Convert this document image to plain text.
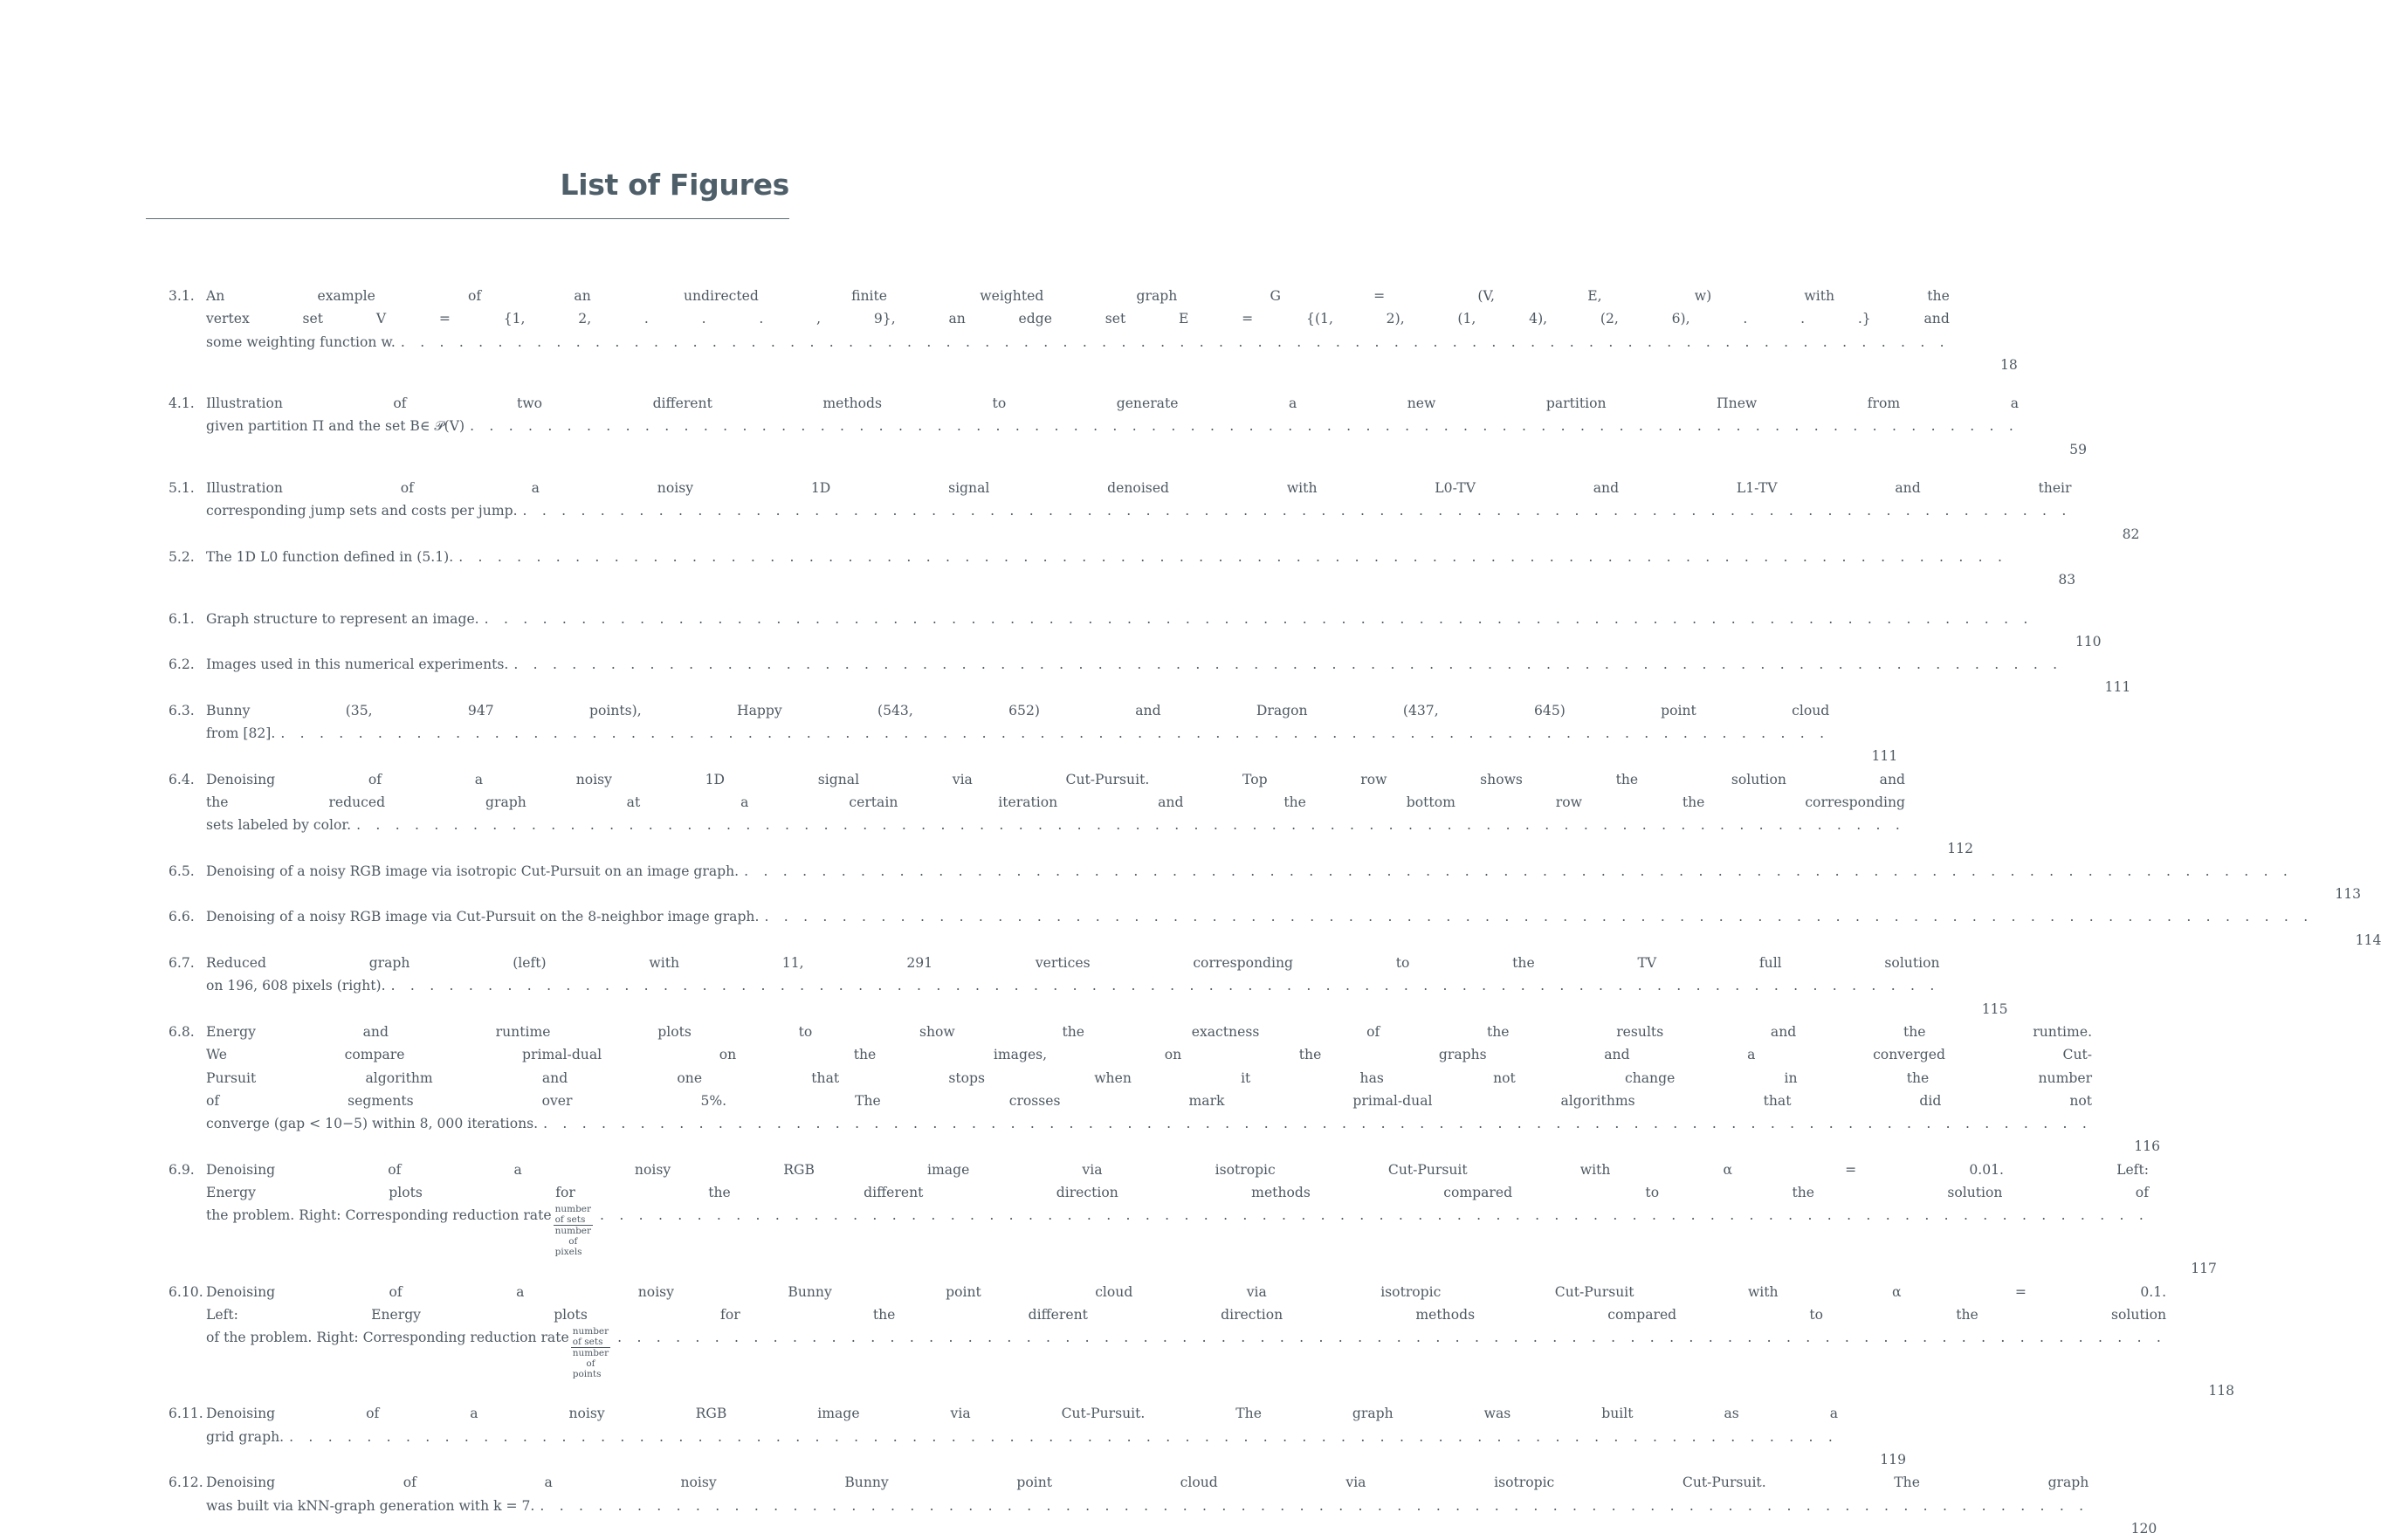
List of Figures
3.1. An example of an undirected finite weighted graph G = (V, E, w) with the
vertex set V = {1, 2, . . . , 9}, an edge set E = {(1, 2), (1, 4), (2, 6), . . .} and
some weighting function w. . . . . . . . . . . . . . . . . . . . . . . . . . . . . . . . . . . . . . . . . . . . . . . . . . . . . . . . . . . . . . . . . . . . . . . . . . . . . . . . .
18
4.1. Illustration of two different methods to generate a new partition Πnew from a
given partition Π and the set B∈ 𝒫(V) . . . . . . . . . . . . . . . . . . . . . . . . . . . . . . . . . . . . . . . . . . . . . . . . . . . . . . . . . . . . . . . . . . . . . . . . . . . . . . . .
59
5.1. Illustration of a noisy 1D signal denoised with L0-TV and L1-TV and their
corresponding jump sets and costs per jump. . . . . . . . . . . . . . . . . . . . . . . . . . . . . . . . . . . . . . . . . . . . . . . . . . . . . . . . . . . . . . . . . . . . . . . . . . . . . . . . .
82
5.2. The 1D L0 function defined in (5.1). . . . . . . . . . . . . . . . . . . . . . . . . . . . . . . . . . . . . . . . . . . . . . . . . . . . . . . . . . . . . . . . . . . . . . . . . . . . . . . . .
83
6.1. Graph structure to represent an image. . . . . . . . . . . . . . . . . . . . . . . . . . . . . . . . . . . . . . . . . . . . . . . . . . . . . . . . . . . . . . . . . . . . . . . . . . . . . . . . .
110
6.2. Images used in this numerical experiments. . . . . . . . . . . . . . . . . . . . . . . . . . . . . . . . . . . . . . . . . . . . . . . . . . . . . . . . . . . . . . . . . . . . . . . . . . . . . . . . .
111
6.3. Bunny (35, 947 points), Happy (543, 652) and Dragon (437, 645) point cloud
from [82]. . . . . . . . . . . . . . . . . . . . . . . . . . . . . . . . . . . . . . . . . . . . . . . . . . . . . . . . . . . . . . . . . . . . . . . . . . . . . . . . .
111
6.4. Denoising of a noisy 1D signal via Cut-Pursuit. Top row shows the solution and
the reduced graph at a certain iteration and the bottom row the corresponding
sets labeled by color. . . . . . . . . . . . . . . . . . . . . . . . . . . . . . . . . . . . . . . . . . . . . . . . . . . . . . . . . . . . . . . . . . . . . . . . . . . . . . . . .
112
6.5. Denoising of a noisy RGB image via isotropic Cut-Pursuit on an image graph. . . . . . . . . . . . . . . . . . . . . . . . . . . . . . . . . . . . . . . . . . . . . . . . . . . . . . . . . . . . . . . . . . . . . . . . . . . . . . . . .
113
6.6. Denoising of a noisy RGB image via Cut-Pursuit on the 8-neighbor image graph. . . . . . . . . . . . . . . . . . . . . . . . . . . . . . . . . . . . . . . . . . . . . . . . . . . . . . . . . . . . . . . . . . . . . . . . . . . . . . . . .
114
6.7. Reduced graph (left) with 11, 291 vertices corresponding to the TV full solution
on 196, 608 pixels (right). . . . . . . . . . . . . . . . . . . . . . . . . . . . . . . . . . . . . . . . . . . . . . . . . . . . . . . . . . . . . . . . . . . . . . . . . . . . . . . . .
115
6.8. Energy and runtime plots to show the exactness of the results and the runtime.
We compare primal-dual on the images, on the graphs and a converged Cut-
Pursuit algorithm and one that stops when it has not change in the number
of segments over 5%. The crosses mark primal-dual algorithms that did not
converge (gap < 10−5) within 8, 000 iterations. . . . . . . . . . . . . . . . . . . . . . . . . . . . . . . . . . . . . . . . . . . . . . . . . . . . . . . . . . . . . . . . . . . . . . . . . . . . . . . . .
116
6.9. Denoising of a noisy RGB image via isotropic Cut-Pursuit with α = 0.01. Left:
Energy plots for the different direction methods compared to the solution of
the problem. Right: Corresponding reduction rate $\frac{\text{number of sets}}{\text{number of pixels}}$ . . . . . . . . . . . . . . . . . . . . . . . . . . . . . . . . . . . . . . . . . . . . . . . . . . . . . . . . . . . . . . . . . . . . . . . . . . . . . . . .
117
6.10. Denoising of a noisy Bunny point cloud via isotropic Cut-Pursuit with α = 0.1.
Left: Energy plots for the different direction methods compared to the solution
of the problem. Right: Corresponding reduction rate $\frac{\text{number of sets}}{\text{number of points}}$ . . . . . . . . . . . . . . . . . . . . . . . . . . . . . . . . . . . . . . . . . . . . . . . . . . . . . . . . . . . . . . . . . . . . . . . . . . . . . . . .
118
6.11. Denoising of a noisy RGB image via Cut-Pursuit. The graph was built as a
grid graph. . . . . . . . . . . . . . . . . . . . . . . . . . . . . . . . . . . . . . . . . . . . . . . . . . . . . . . . . . . . . . . . . . . . . . . . . . . . . . . . .
119
6.12. Denoising of a noisy Bunny point cloud via isotropic Cut-Pursuit. The graph
was built via kNN-graph generation with k = 7. . . . . . . . . . . . . . . . . . . . . . . . . . . . . . . . . . . . . . . . . . . . . . . . . . . . . . . . . . . . . . . . . . . . . . . . . . . . . . . . .
120
